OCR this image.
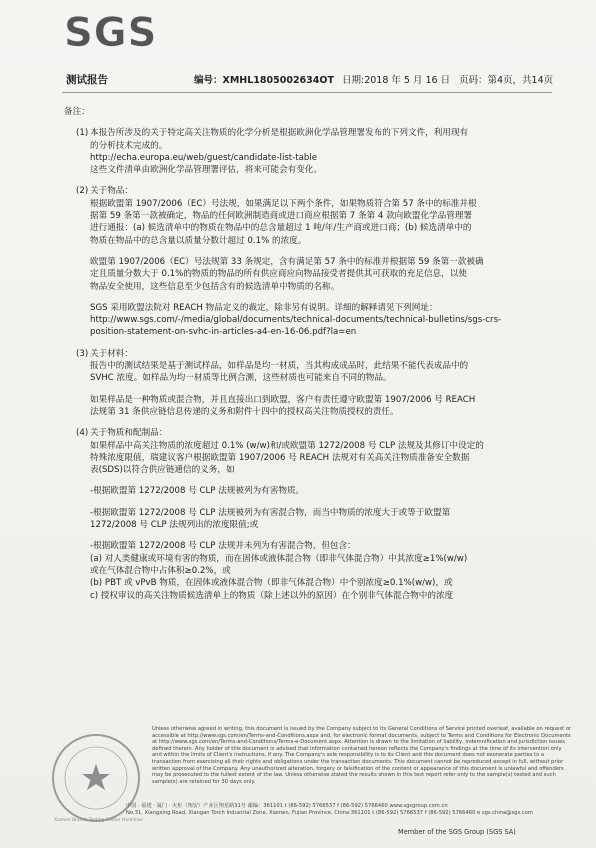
SGS
测试报告	编号：XMHL1805002634OT 日期:2018 年 5 月 16 日 页码：第4页，共14页

备注：

(1) 本报告所涉及的关于特定高关注物质的化学分析是根据欧洲化学品管理署发布的下列文件，利用现有

的分析技术完成的。

http://echa.europa.eu/web/guest/candidate-list-table

这些文件清单由欧洲化学品管理署评估，将来可能会有变化。

(2) 关于物品：

根据欧盟第 1907/2006（EC）号法规，如果满足以下两个条件，如果物质符合第 57 条中的标准并根

据第 59 条第一款被确定，物品的任何欧洲制造商或进口商应根据第 7 条第 4 款向欧盟化学品管理署

进行通报：(a) 候选清单中的物质在物品中的总含量超过 1 吨/年/生产商或进口商；(b) 候选清单中的

物质在物品中的总含量以质量分数计超过 0.1% 的浓度。

欧盟第 1907/2006（EC）号法规第 33 条规定，含有满足第 57 条中的标准并根据第 59 条第一款被确

定且质量分数大于 0.1%的物质的物品的所有供应商应向物品接受者提供其可获取的充足信息，以使

物品安全使用，这些信息至少包括含有的候选清单中物质的名称。

SGS 采用欧盟法院对 REACH 物品定义的裁定，除非另有说明。详细的解释请见下列网址：

http://www.sgs.com/-/media/global/documents/technical-documents/technical-bulletins/sgs-crs-

position-statement-on-svhc-in-articles-a4-en-16-06.pdf?la=en

(3) 关于材料：

报告中的测试结果是基于测试样品，如样品是均一材质，当其构成成品时，此结果不能代表成品中的

SVHC 浓度。如样品为均一材质等比例合测，这些材质也可能来自不同的物品。

如果样品是一种物质或混合物，并且直接出口到欧盟，客户有责任遵守欧盟第 1907/2006 号 REACH

法规第 31 条供应链信息传递的义务和附件十四中的授权高关注物质授权的责任。

(4) 关于物质和配制品：

如果样品中高关注物质的浓度超过 0.1% (w/w)和/或欧盟第 1272/2008 号 CLP 法规及其修订中设定的

特殊浓度限值，瑞建议客户根据欧盟第 1907/2006 号 REACH 法规对有关高关注物质准备安全数据

表(SDS)以符合供应链通信的义务，如

-根据欧盟第 1272/2008 号 CLP 法规被列为有害物质。

-根据欧盟第 1272/2008 号 CLP 法规被列为有害混合物，而当中物质的浓度大于或等于欧盟第

1272/2008 号 CLP 法规列出的浓度限值;或

-根据欧盟第 1272/2008 号 CLP 法规并未列为有害混合物，但包含：

(a) 对人类健康或环境有害的物质，而在固体或液体混合物（即非气体混合物）中其浓度≥1%(w/w)

或在气体混合物中占体积≥0.2%，或

(b) PBT 或 vPvB 物质，在固体或液体混合物（即非气体混合物）中个别浓度≥0.1%(w/w)，或

c) 授权审议的高关注物质候选清单上的物质（除上述以外的原因）在个别非气体混合物中的浓度

Xiamen Branch Testing Center Hardlines
Unless otherwise agreed in writing, this document is issued by the Company subject to its General Conditions of Service printed overleaf, available on request or accessible at http://www.sgs.com/en/Terms-and-Conditions.aspx and, for electronic format documents, subject to Terms and Conditions for Electronic Documents at http://www.sgs.com/en/Terms-and-Conditions/Terms-e-Document.aspx. Attention is drawn to the limitation of liability, indemnification and jurisdiction issues defined therein. Any holder of this document is advised that information contained hereon reflects the Company's findings at the time of its intervention only and within the limits of Client's instructions, if any. The Company's sole responsibility is to its Client and this document does not exonerate parties to a transaction from exercising all their rights and obligations under the transaction documents. This document cannot be reproduced except in full, without prior written approval of the Company. Any unauthorized alteration, forgery or falsification of the content or appearance of this document is unlawful and offenders may be prosecuted to the fullest extent of the law. Unless otherwise stated the results shown in this test report refer only to the sample(s) tested and such sample(s) are retained for 30 days only.
中国 · 福建 · 厦门 · 火炬（翔安）产业区翔星路31号 邮编：361101 t (86-592) 5766537 f (86-592) 5766460 www.sgsgroup.com.cn
No.31, Xiangxing Road, Xiangan Torch Industrial Zone, Xiamen, Fujian Province, China 361101 t (86-592) 5766537 f (86-592) 5766460 e sgs.china@sgs.com
Member of the SGS Group (SGS SA)
